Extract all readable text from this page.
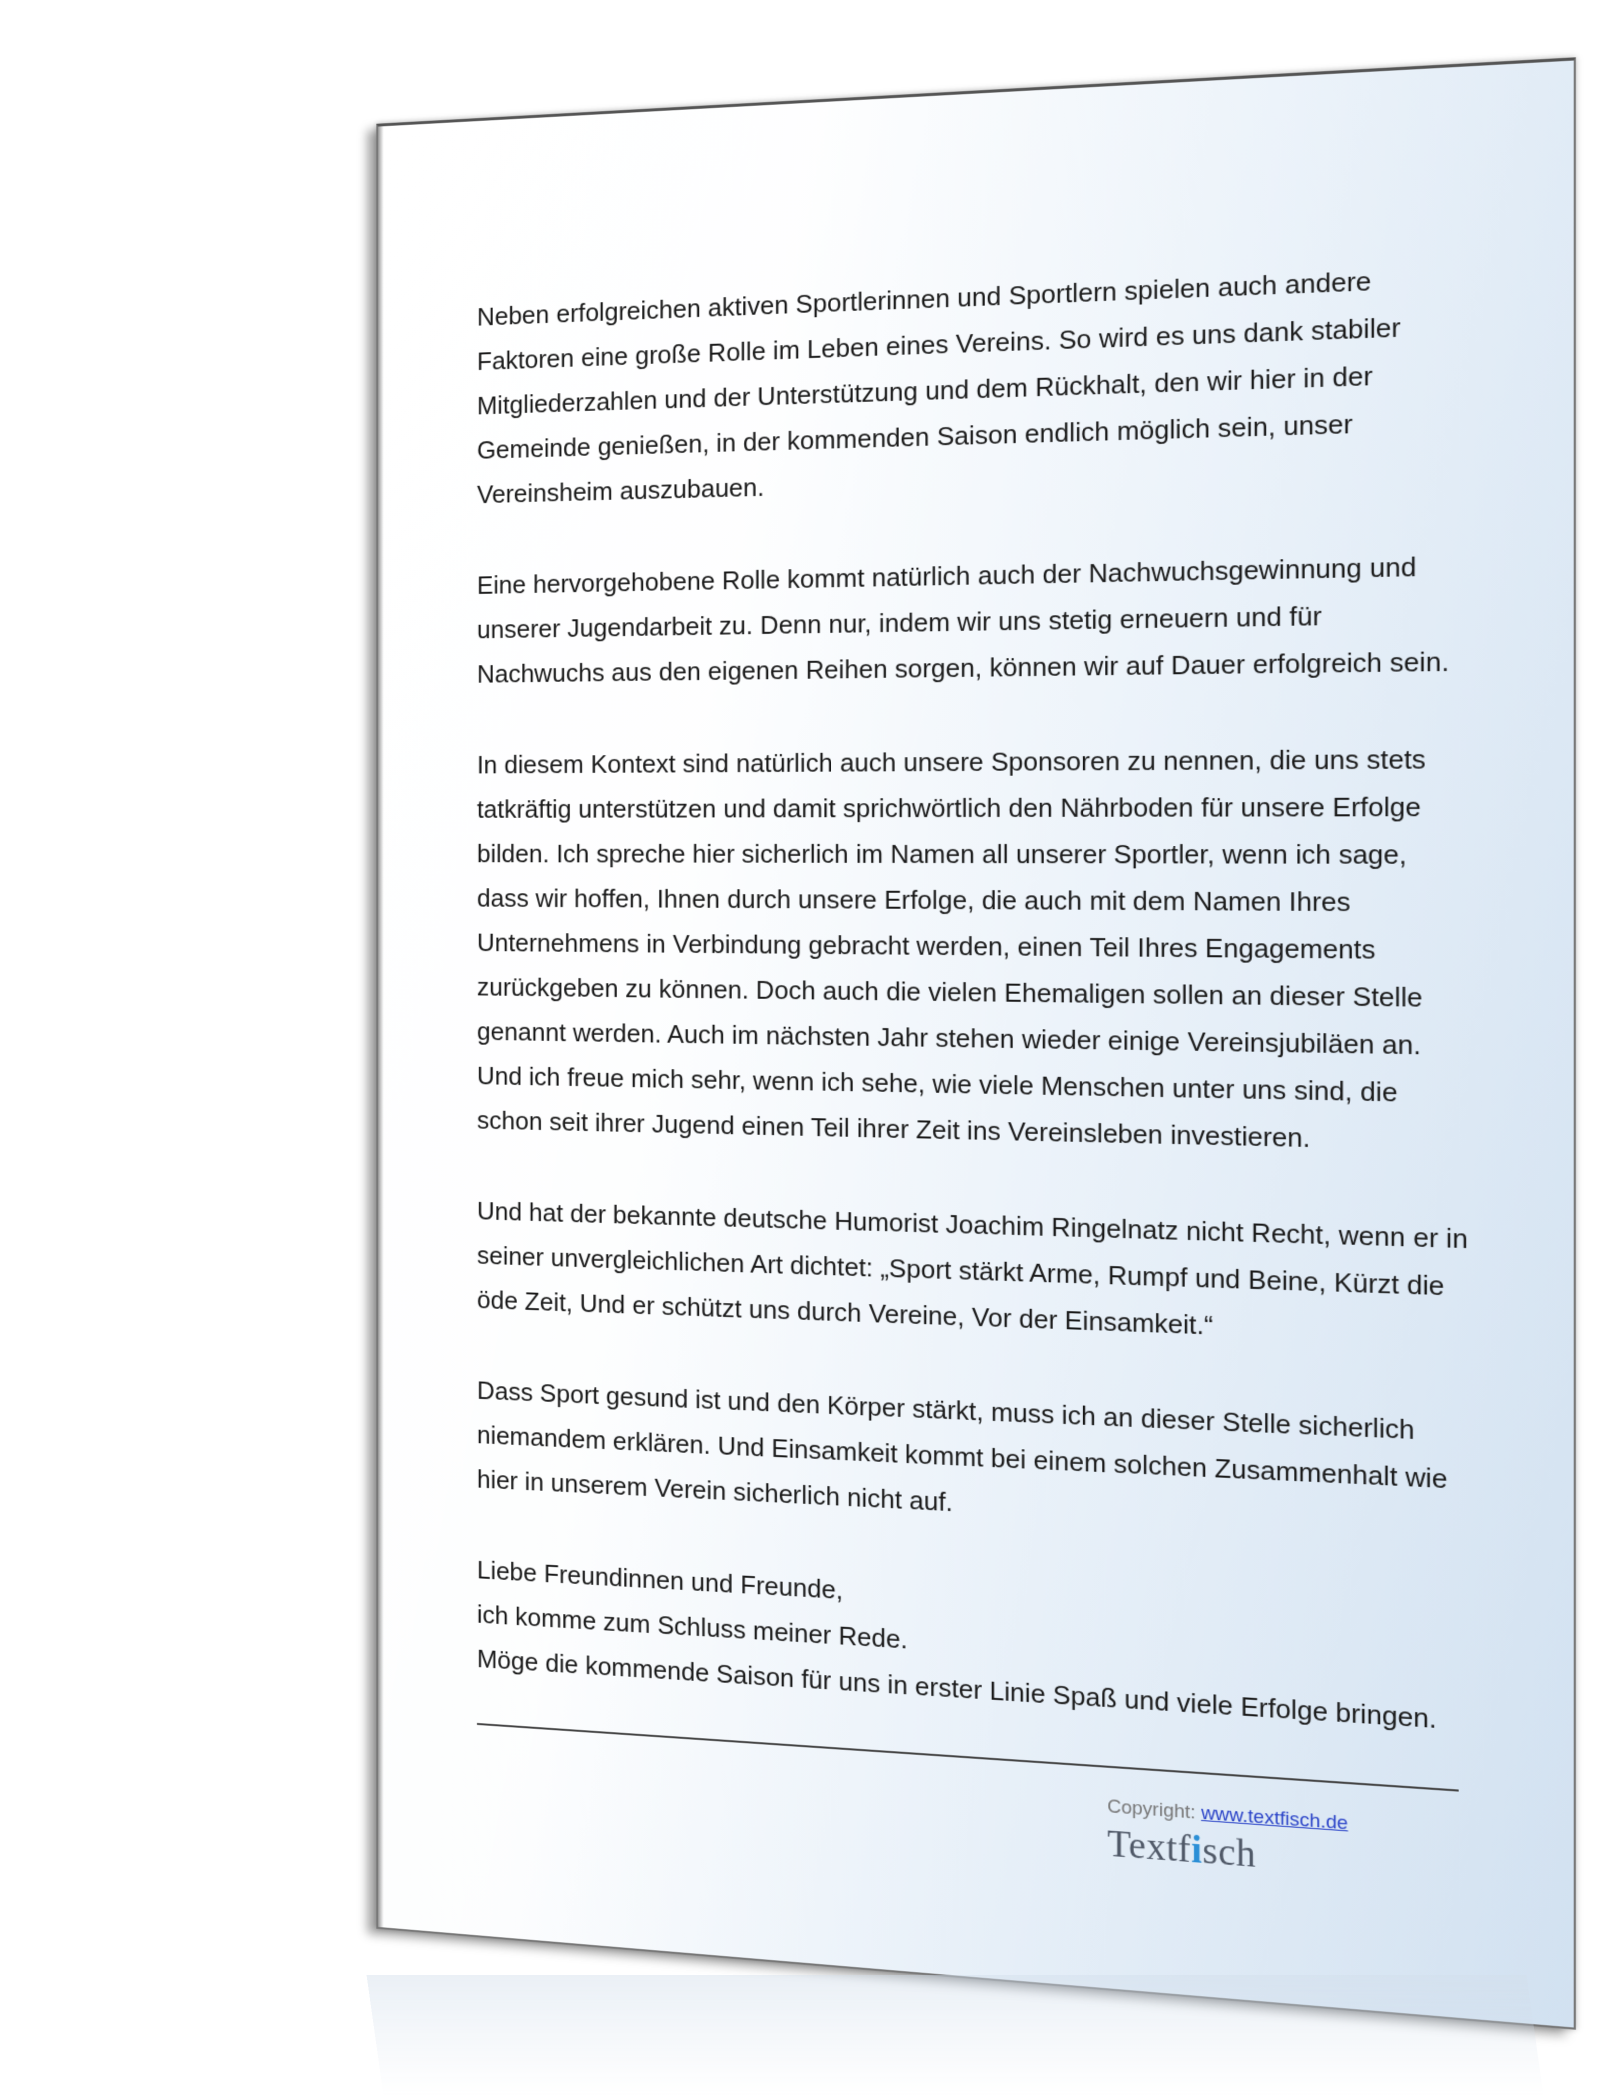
Neben erfolgreichen aktiven Sportlerinnen und Sportlern spielen auch andere Faktoren eine große Rolle im Leben eines Vereins. So wird es uns dank stabiler Mitgliederzahlen und der Unterstützung und dem Rückhalt, den wir hier in der Gemeinde genießen, in der kommenden Saison endlich möglich sein, unser Vereinsheim auszubauen.

Eine hervorgehobene Rolle kommt natürlich auch der Nachwuchsgewinnung und unserer Jugendarbeit zu. Denn nur, indem wir uns stetig erneuern und für Nachwuchs aus den eigenen Reihen sorgen, können wir auf Dauer erfolgreich sein.

In diesem Kontext sind natürlich auch unsere Sponsoren zu nennen, die uns stets tatkräftig unterstützen und damit sprichwörtlich den Nährboden für unsere Erfolge bilden. Ich spreche hier sicherlich im Namen all unserer Sportler, wenn ich sage, dass wir hoffen, Ihnen durch unsere Erfolge, die auch mit dem Namen Ihres Unternehmens in Verbindung gebracht werden, einen Teil Ihres Engagements zurückgeben zu können. Doch auch die vielen Ehemaligen sollen an dieser Stelle genannt werden. Auch im nächsten Jahr stehen wieder einige Vereinsjubiläen an. Und ich freue mich sehr, wenn ich sehe, wie viele Menschen unter uns sind, die schon seit ihrer Jugend einen Teil ihrer Zeit ins Vereinsleben investieren.

Und hat der bekannte deutsche Humorist Joachim Ringelnatz nicht Recht, wenn er in seiner unvergleichlichen Art dichtet: „Sport stärkt Arme, Rumpf und Beine, Kürzt die öde Zeit, Und er schützt uns durch Vereine, Vor der Einsamkeit.“

Dass Sport gesund ist und den Körper stärkt, muss ich an dieser Stelle sicherlich niemandem erklären. Und Einsamkeit kommt bei einem solchen Zusammenhalt wie hier in unserem Verein sicherlich nicht auf.

Liebe Freundinnen und Freunde,
ich komme zum Schluss meiner Rede.
Möge die kommende Saison für uns in erster Linie Spaß und viele Erfolge bringen.

Copyright: www.textfisch.de
Textfisch
